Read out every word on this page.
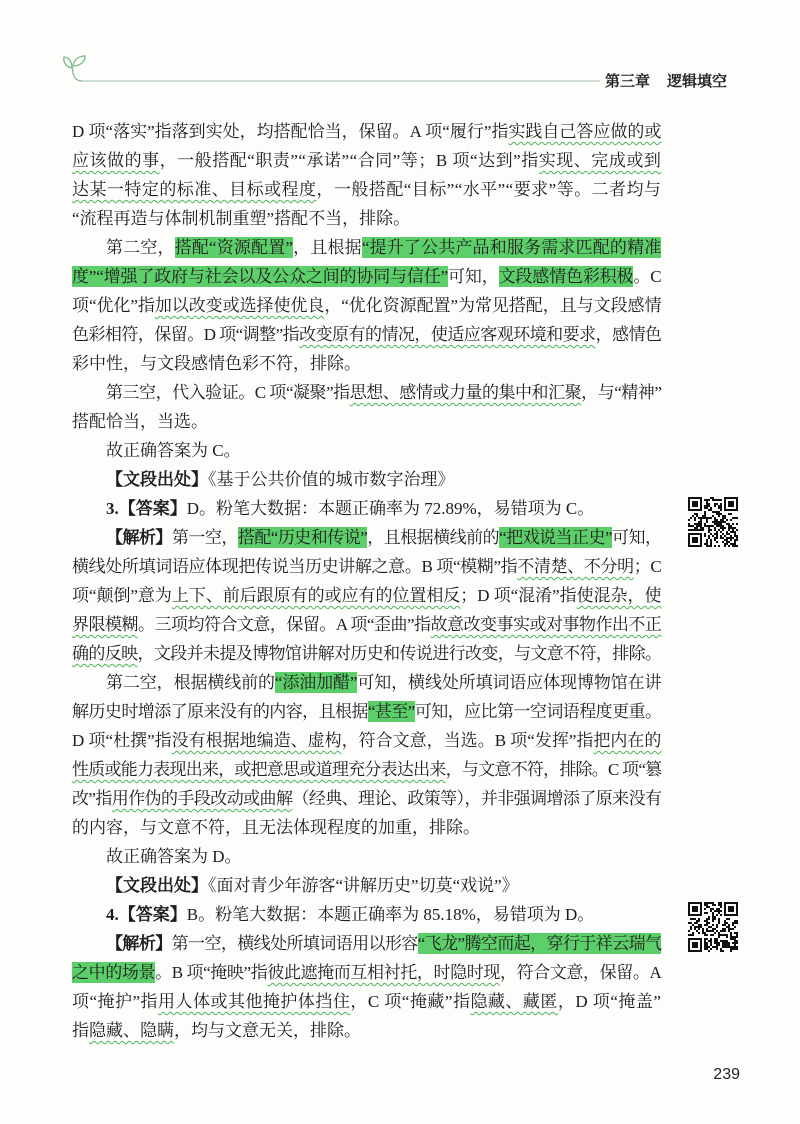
第三章 逻辑填空
D 项“落实”指落到实处，均搭配恰当，保留。A 项“履行”指实践自己答应做的或
应该做的事，一般搭配“职责”“承诺”“合同”等；B 项“达到”指实现、完成或到
达某一特定的标准、目标或程度，一般搭配“目标”“水平”“要求”等。二者均与
“流程再造与体制机制重塑”搭配不当，排除。
第二空，搭配“资源配置”，且根据“提升了公共产品和服务需求匹配的精准
度”“增强了政府与社会以及公众之间的协同与信任”可知，文段感情色彩积极。C
项“优化”指加以改变或选择使优良，“优化资源配置”为常见搭配，且与文段感情
色彩相符，保留。D 项“调整”指改变原有的情况，使适应客观环境和要求，感情色
彩中性，与文段感情色彩不符，排除。
第三空，代入验证。C 项“凝聚”指思想、感情或力量的集中和汇聚，与“精神”
搭配恰当，当选。
故正确答案为 C。
【文段出处】《基于公共价值的城市数字治理》
3.【答案】D。粉笔大数据：本题正确率为 72.89%，易错项为 C。
【解析】第一空，搭配“历史和传说”，且根据横线前的“把戏说当正史”可知，
横线处所填词语应体现把传说当历史讲解之意。B 项“模糊”指不清楚、不分明；C
项“颠倒”意为上下、前后跟原有的或应有的位置相反；D 项“混淆”指使混杂，使
界限模糊。三项均符合文意，保留。A 项“歪曲”指故意改变事实或对事物作出不正
确的反映，文段并未提及博物馆讲解对历史和传说进行改变，与文意不符，排除。
第二空，根据横线前的“添油加醋”可知，横线处所填词语应体现博物馆在讲
解历史时增添了原来没有的内容，且根据“甚至”可知，应比第一空词语程度更重。
D 项“杜撰”指没有根据地编造、虚构，符合文意，当选。B 项“发挥”指把内在的
性质或能力表现出来，或把意思或道理充分表达出来，与文意不符，排除。C 项“篡
改”指用作伪的手段改动或曲解（经典、理论、政策等），并非强调增添了原来没有
的内容，与文意不符，且无法体现程度的加重，排除。
故正确答案为 D。
【文段出处】《面对青少年游客“讲解历史”切莫“戏说”》
4.【答案】B。粉笔大数据：本题正确率为 85.18%，易错项为 D。
【解析】第一空，横线处所填词语用以形容“飞龙”腾空而起，穿行于祥云瑞气
之中的场景。B 项“掩映”指彼此遮掩而互相衬托，时隐时现，符合文意，保留。A
项“掩护”指用人体或其他掩护体挡住，C 项“掩藏”指隐藏、藏匿，D 项“掩盖”
指隐藏、隐瞒，均与文意无关，排除。
239
